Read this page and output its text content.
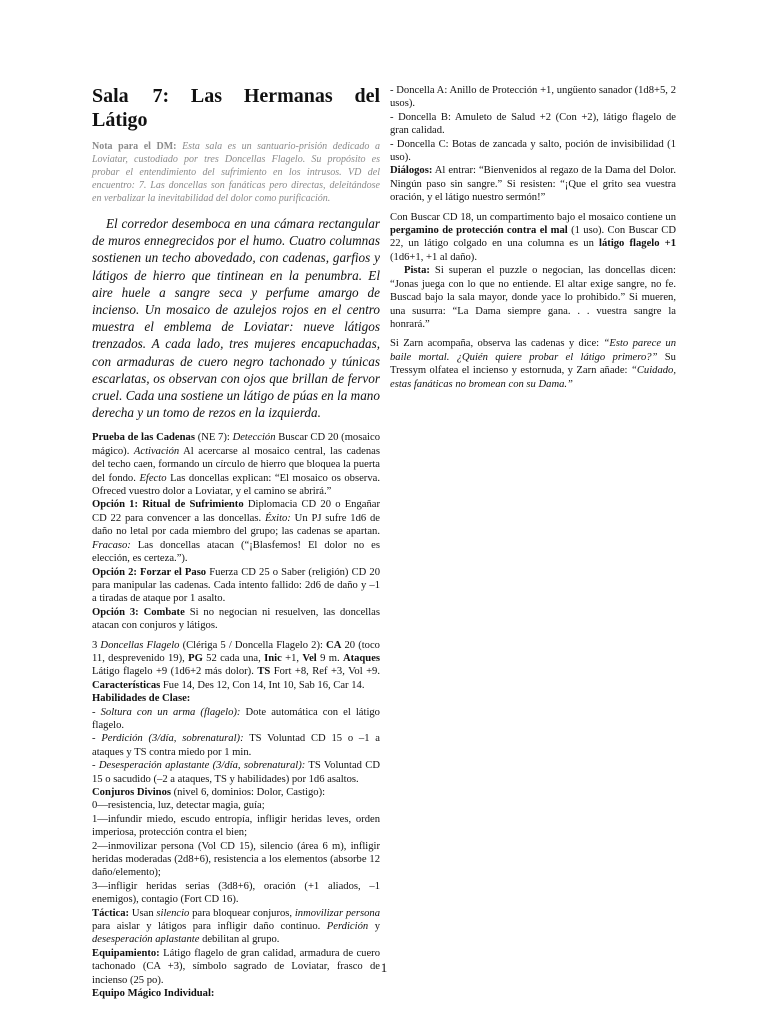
Sala 7: Las Hermanas del Látigo

Nota para el DM: Esta sala es un santuario-prisión dedicado a Loviatar, custodiado por tres Doncellas Flagelo. Su propósito es probar el entendimiento del sufrimiento en los intrusos. VD del encuentro: 7. Las doncellas son fanáticas pero directas, deleitándose en verbalizar la inevitabilidad del dolor como purificación.

El corredor desemboca en una cámara rectangular de muros ennegrecidos por el humo. Cuatro columnas sostienen un techo abovedado, con cadenas, garfios y látigos de hierro que tintinean en la penumbra. El aire huele a sangre seca y perfume amargo de incienso. Un mosaico de azulejos rojos en el centro muestra el emblema de Loviatar: nueve látigos trenzados. A cada lado, tres mujeres encapuchadas, con armaduras de cuero negro tachonado y túnicas escarlatas, os observan con ojos que brillan de fervor cruel. Cada una sostiene un látigo de púas en la mano derecha y un tomo de rezos en la izquierda.

Prueba de las Cadenas (NE 7): Detección Buscar CD 20 (mosaico mágico). Activación Al acercarse al mosaico central, las cadenas del techo caen, formando un círculo de hierro que bloquea la puerta del fondo. Efecto Las doncellas explican: “El mosaico os observa. Ofreced vuestro dolor a Loviatar, y el camino se abrirá.”

Opción 1: Ritual de Sufrimiento Diplomacia CD 20 o Engañar CD 22 para convencer a las doncellas. Éxito: Un PJ sufre 1d6 de daño no letal por cada miembro del grupo; las cadenas se apartan. Fracaso: Las doncellas atacan (“¡Blasfemos! El dolor no es elección, es certeza.”).

Opción 2: Forzar el Paso Fuerza CD 25 o Saber (religión) CD 20 para manipular las cadenas. Cada intento fallido: 2d6 de daño y –1 a tiradas de ataque por 1 asalto.

Opción 3: Combate Si no negocian ni resuelven, las doncellas atacan con conjuros y látigos.

3 Doncellas Flagelo (Clériga 5 / Doncella Flagelo 2): CA 20 (toco 11, desprevenido 19), PG 52 cada una, Inic +1, Vel 9 m. Ataques Látigo flagelo +9 (1d6+2 más dolor). TS Fort +8, Ref +3, Vol +9. Características Fue 14, Des 12, Con 14, Int 10, Sab 16, Car 14.

Habilidades de Clase:

- Soltura con un arma (flagelo): Dote automática con el látigo flagelo.

- Perdición (3/día, sobrenatural): TS Voluntad CD 15 o –1 a ataques y TS contra miedo por 1 min.

- Desesperación aplastante (3/día, sobrenatural): TS Voluntad CD 15 o sacudido (–2 a ataques, TS y habilidades) por 1d6 asaltos.

Conjuros Divinos (nivel 6, dominios: Dolor, Castigo):

0—resistencia, luz, detectar magia, guía;

1—infundir miedo, escudo entropía, infligir heridas leves, orden imperiosa, protección contra el bien;

2—inmovilizar persona (Vol CD 15), silencio (área 6 m), infligir heridas moderadas (2d8+6), resistencia a los elementos (absorbe 12 daño/elemento);

3—infligir heridas serias (3d8+6), oración (+1 aliados, –1 enemigos), contagio (Fort CD 16).

Táctica: Usan silencio para bloquear conjuros, inmovilizar persona para aislar y látigos para infligir daño continuo. Perdición y desesperación aplastante debilitan al grupo.

Equipamiento: Látigo flagelo de gran calidad, armadura de cuero tachonado (CA +3), símbolo sagrado de Loviatar, frasco de incienso (25 po).

Equipo Mágico Individual:

- Doncella A: Anillo de Protección +1, ungüento sanador (1d8+5, 2 usos).

- Doncella B: Amuleto de Salud +2 (Con +2), látigo flagelo de gran calidad.

- Doncella C: Botas de zancada y salto, poción de invisibilidad (1 uso).

Diálogos: Al entrar: “Bienvenidos al regazo de la Dama del Dolor. Ningún paso sin sangre.” Si resisten: “¡Que el grito sea vuestra oración, y el látigo nuestro sermón!”

Con Buscar CD 18, un compartimento bajo el mosaico contiene un pergamino de protección contra el mal (1 uso). Con Buscar CD 22, un látigo colgado en una columna es un látigo flagelo +1 (1d6+1, +1 al daño).

Pista: Si superan el puzzle o negocian, las doncellas dicen: “Jonas juega con lo que no entiende. El altar exige sangre, no fe. Buscad bajo la sala mayor, donde yace lo prohibido.” Si mueren, una susurra: “La Dama siempre gana. . . vuestra sangre la honrará.”

Si Zarn acompaña, observa las cadenas y dice: “Esto parece un baile mortal. ¿Quién quiere probar el látigo primero?” Su Tressym olfatea el incienso y estornuda, y Zarn añade: “Cuidado, estas fanáticas no bromean con su Dama.”

1
